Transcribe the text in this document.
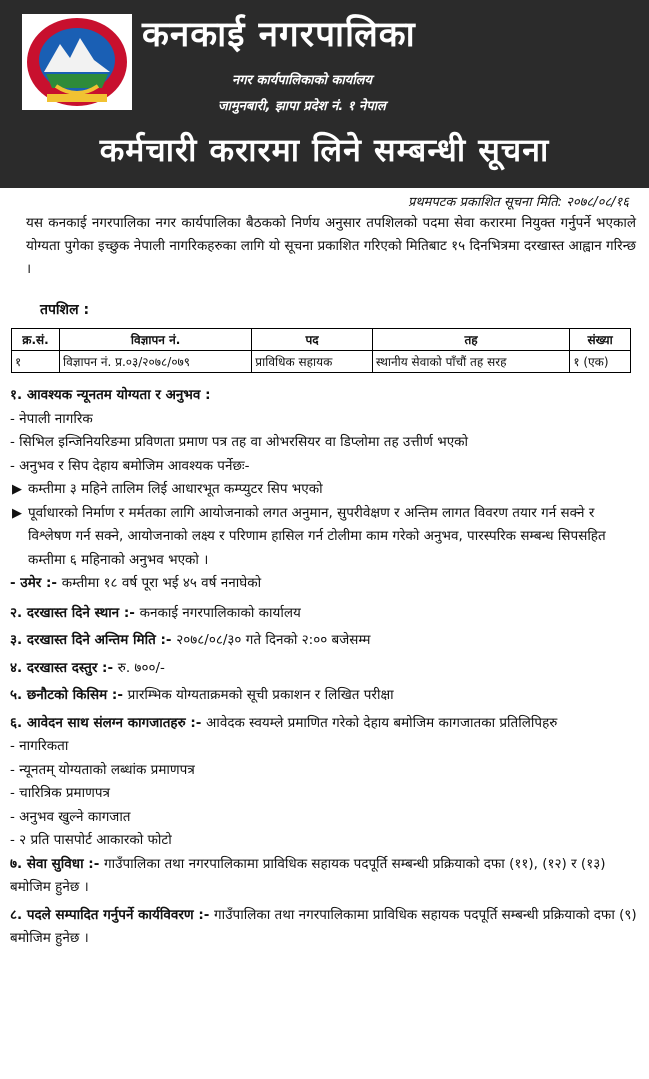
कनकाई नगरपालिका
नगर कार्यपालिकाको कार्यालय
जामुनबारी, झापा प्रदेश नं. १ नेपाल
कर्मचारी करारमा लिने सम्बन्धी सूचना
प्रथमपटक प्रकाशित सूचना मिति: २०७८/०८/१६
यस कनकाई नगरपालिका नगर कार्यपालिका बैठकको निर्णय अनुसार तपशिलको पदमा सेवा करारमा नियुक्त गर्नुपर्ने भएकाले योग्यता पुगेका इच्छुक नेपाली नागरिकहरुका लागि यो सूचना प्रकाशित गरिएको मितिबाट १५ दिनभित्रमा दरखास्त आह्वान गरिन्छ ।
तपशिल :
क्र.सं.	विज्ञापन नं.	पद	तह	संख्या
१	विज्ञापन नं. प्र.०३/२०७८/०७९	प्राविधिक सहायक	स्थानीय सेवाको पाँचौं तह सरह	१ (एक)

१. आवश्यक न्यूनतम योग्यता र अनुभव :

- नेपाली नागरिक

- सिभिल इन्जिनियरिङमा प्रविणता प्रमाण पत्र तह वा ओभरसियर वा डिप्लोमा तह उत्तीर्ण भएको

- अनुभव र सिप देहाय बमोजिम आवश्यक पर्नेछः-

▶ कम्तीमा ३ महिने तालिम लिई आधारभूत कम्प्युटर सिप भएको

▶ पूर्वाधारको निर्माण र मर्मतका लागि आयोजनाको लगत अनुमान, सुपरीवेक्षण र अन्तिम लागत विवरण तयार गर्न सक्ने र विश्लेषण गर्न सक्ने, आयोजनाको लक्ष्य र परिणाम हासिल गर्न टोलीमा काम गरेको अनुभव, पारस्परिक सम्बन्ध सिपसहित कम्तीमा ६ महिनाको अनुभव भएको ।

- उमेर :- कम्तीमा १८ वर्ष पूरा भई ४५ वर्ष ननाघेको

२. दरखास्त दिने स्थान :- कनकाई नगरपालिकाको कार्यालय

३. दरखास्त दिने अन्तिम मिति :- २०७८/०८/३० गते दिनको २:०० बजेसम्म

४. दरखास्त दस्तुर :- रु. ७००/-

५. छनौटको किसिम :- प्रारम्भिक योग्यताक्रमको सूची प्रकाशन र लिखित परीक्षा

६. आवेदन साथ संलग्न कागजातहरु :- आवेदक स्वयम्ले प्रमाणित गरेको देहाय बमोजिम कागजातका प्रतिलिपिहरु

- नागरिकता

- न्यूनतम् योग्यताको लब्धांक प्रमाणपत्र

- चारित्रिक प्रमाणपत्र

- अनुभव खुल्ने कागजात

- २ प्रति पासपोर्ट आकारको फोटो

७. सेवा सुविधा :- गाउँपालिका तथा नगरपालिकामा प्राविधिक सहायक पदपूर्ति सम्बन्धी प्रक्रियाको दफा (११), (१२) र (१३) बमोजिम हुनेछ ।

८. पदले सम्पादित गर्नुपर्ने कार्यविवरण :- गाउँपालिका तथा नगरपालिकामा प्राविधिक सहायक पदपूर्ति सम्बन्धी प्रक्रियाको दफा (९) बमोजिम हुनेछ ।
